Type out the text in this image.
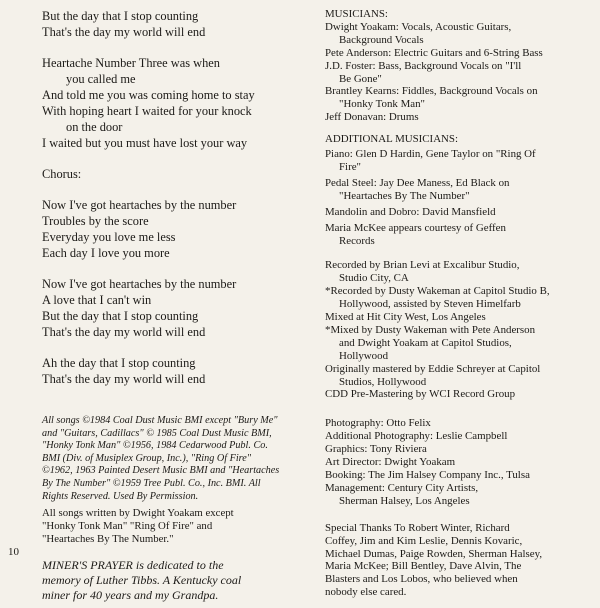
But the day that I stop counting
That's the day my world will end
Heartache Number Three was when
you called me
And told me you was coming home to stay
With hoping heart I waited for your knock
on the door
I waited but you must have lost your way
Chorus:
Now I've got heartaches by the number
Troubles by the score
Everyday you love me less
Each day I love you more
Now I've got heartaches by the number
A love that I can't win
But the day that I stop counting
That's the day my world will end
Ah the day that I stop counting
That's the day my world will end
All songs ©1984 Coal Dust Music BMI except "Bury Me"
and "Guitars, Cadillacs" © 1985 Coal Dust Music BMI,
"Honky Tonk Man" ©1956, 1984 Cedarwood Publ. Co.
BMI (Div. of Musiplex Group, Inc.), "Ring Of Fire"
©1962, 1963 Painted Desert Music BMI and "Heartaches
By The Number" ©1959 Tree Publ. Co., Inc. BMI. All
Rights Reserved. Used By Permission.
All songs written by Dwight Yoakam except
"Honky Tonk Man" "Ring Of Fire" and
"Heartaches By The Number."
MINER'S PRAYER is dedicated to the
memory of Luther Tibbs. A Kentucky coal
miner for 40 years and my Grandpa.
MUSICIANS:
Dwight Yoakam: Vocals, Acoustic Guitars,
Background Vocals
Pete Anderson: Electric Guitars and 6-String Bass
J.D. Foster: Bass, Background Vocals on "I'll
Be Gone"
Brantley Kearns: Fiddles, Background Vocals on
"Honky Tonk Man"
Jeff Donavan: Drums
ADDITIONAL MUSICIANS:
Piano: Glen D Hardin, Gene Taylor on "Ring Of
Fire"
Pedal Steel: Jay Dee Maness, Ed Black on
"Heartaches By The Number"
Mandolin and Dobro: David Mansfield
Maria McKee appears courtesy of Geffen
Records
Recorded by Brian Levi at Excalibur Studio,
Studio City, CA
*Recorded by Dusty Wakeman at Capitol Studio B,
Hollywood, assisted by Steven Himelfarb
Mixed at Hit City West, Los Angeles
*Mixed by Dusty Wakeman with Pete Anderson
and Dwight Yoakam at Capitol Studios,
Hollywood
Originally mastered by Eddie Schreyer at Capitol
Studios, Hollywood
CDD Pre-Mastering by WCI Record Group
Photography: Otto Felix
Additional Photography: Leslie Campbell
Graphics: Tony Riviera
Art Director: Dwight Yoakam
Booking: The Jim Halsey Company Inc., Tulsa
Management: Century City Artists,
Sherman Halsey, Los Angeles
Special Thanks To Robert Winter, Richard
Coffey, Jim and Kim Leslie, Dennis Kovaric,
Michael Dumas, Paige Rowden, Sherman Halsey,
Maria McKee; Bill Bentley, Dave Alvin, The
Blasters and Los Lobos, who believed when
nobody else cared.
10
